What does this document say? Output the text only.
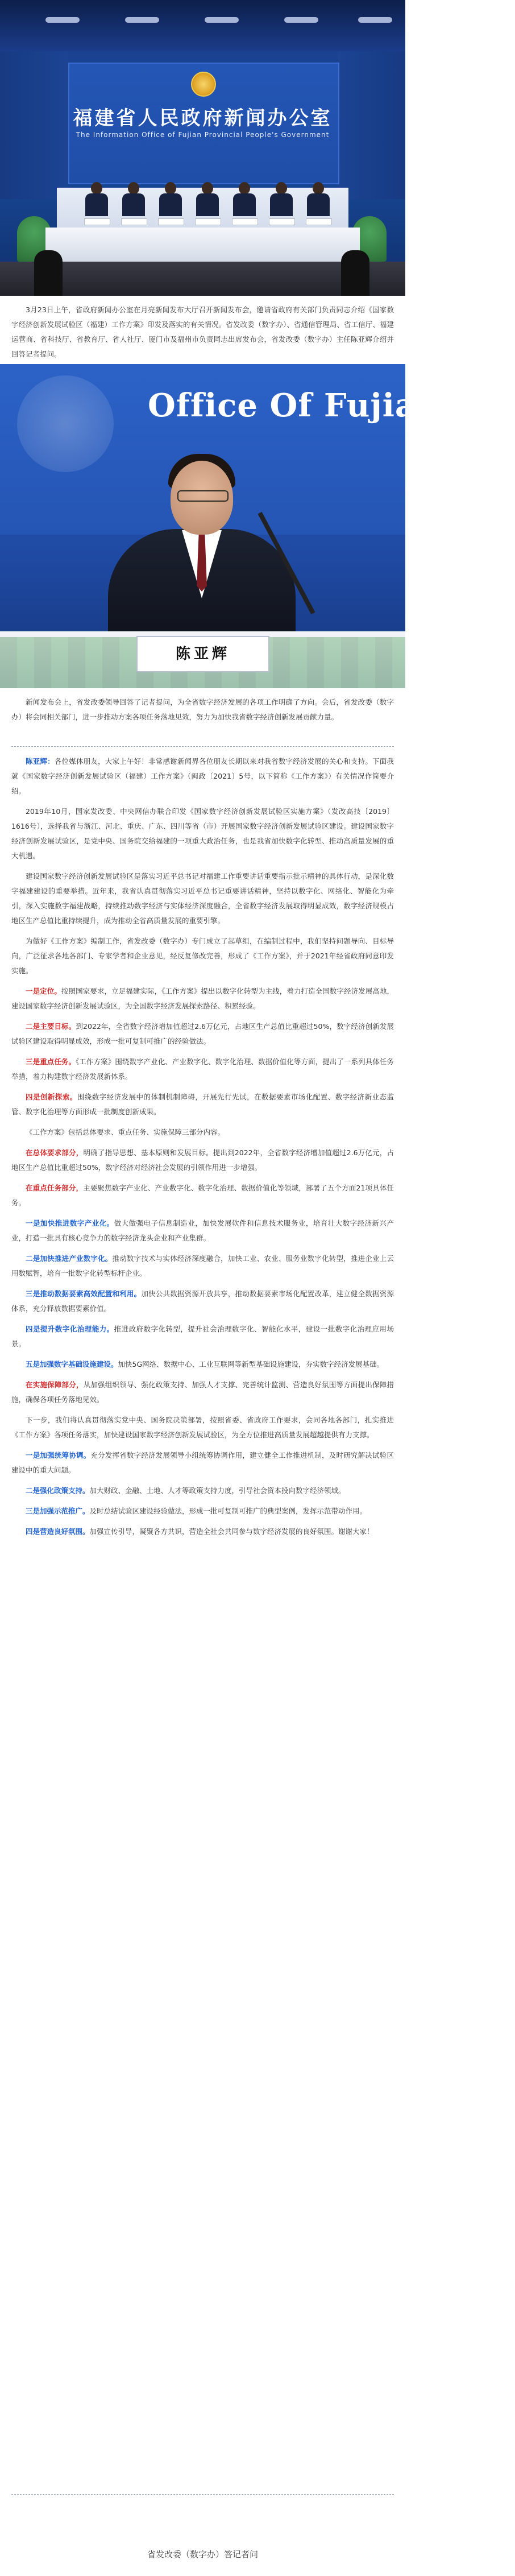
福建省人民政府新闻办公室
The Information Office of Fujian Provincial People's Government

3月23日上午，省政府新闻办公室在月亮新闻发布大厅召开新闻发布会，邀请省政府有关部门负责同志介绍《国家数字经济创新发展试验区（福建）工作方案》印发及落实的有关情况。省发改委（数字办）、省通信管理局、省工信厅、福建运营商、省科技厅、省教育厅、省人社厅、厦门市及福州市负责同志出席发布会，省发改委（数字办）主任陈亚辉介绍并回答记者提问。

Office Of Fujian Pro
陈亚辉

新闻发布会上，省发改委领导回答了记者提问，为全省数字经济发展的各项工作明确了方向。会后，省发改委（数字办）将会同相关部门，进一步推动方案各项任务落地见效，努力为加快我省数字经济创新发展贡献力量。

陈亚辉：各位媒体朋友，大家上午好！非常感谢新闻界各位朋友长期以来对我省数字经济发展的关心和支持。下面我就《国家数字经济创新发展试验区（福建）工作方案》（闽政〔2021〕5号，以下简称《工作方案》）有关情况作简要介绍。

2019年10月，国家发改委、中央网信办联合印发《国家数字经济创新发展试验区实施方案》（发改高技〔2019〕1616号），选择我省与浙江、河北、重庆、广东、四川等省（市）开展国家数字经济创新发展试验区建设。建设国家数字经济创新发展试验区，是党中央、国务院交给福建的一项重大政治任务，也是我省加快数字化转型、推动高质量发展的重大机遇。

建设国家数字经济创新发展试验区是落实习近平总书记对福建工作重要讲话重要指示批示精神的具体行动，是深化数字福建建设的重要举措。近年来，我省认真贯彻落实习近平总书记重要讲话精神，坚持以数字化、网络化、智能化为牵引，深入实施数字福建战略，持续推动数字经济与实体经济深度融合，全省数字经济发展取得明显成效，数字经济规模占地区生产总值比重持续提升，成为推动全省高质量发展的重要引擎。

为做好《工作方案》编制工作，省发改委（数字办）专门成立了起草组，在编制过程中，我们坚持问题导向、目标导向，广泛征求各地各部门、专家学者和企业意见，经反复修改完善，形成了《工作方案》，并于2021年经省政府同意印发实施。

一是定位。按照国家要求，立足福建实际，《工作方案》提出以数字化转型为主线，着力打造全国数字经济发展高地，建设国家数字经济创新发展试验区，为全国数字经济发展探索路径、积累经验。

二是主要目标。到2022年，全省数字经济增加值超过2.6万亿元，占地区生产总值比重超过50%，数字经济创新发展试验区建设取得明显成效，形成一批可复制可推广的经验做法。

三是重点任务。《工作方案》围绕数字产业化、产业数字化、数字化治理、数据价值化等方面，提出了一系列具体任务举措，着力构建数字经济发展新体系。

四是创新探索。围绕数字经济发展中的体制机制障碍，开展先行先试，在数据要素市场化配置、数字经济新业态监管、数字化治理等方面形成一批制度创新成果。

《工作方案》包括总体要求、重点任务、实施保障三部分内容。

在总体要求部分，明确了指导思想、基本原则和发展目标。提出到2022年，全省数字经济增加值超过2.6万亿元，占地区生产总值比重超过50%，数字经济对经济社会发展的引领作用进一步增强。

在重点任务部分，主要聚焦数字产业化、产业数字化、数字化治理、数据价值化等领域，部署了五个方面21项具体任务。

一是加快推进数字产业化。做大做强电子信息制造业，加快发展软件和信息技术服务业，培育壮大数字经济新兴产业，打造一批具有核心竞争力的数字经济龙头企业和产业集群。

二是加快推进产业数字化。推动数字技术与实体经济深度融合，加快工业、农业、服务业数字化转型，推进企业上云用数赋智，培育一批数字化转型标杆企业。

三是推动数据要素高效配置和利用。加快公共数据资源开放共享，推动数据要素市场化配置改革，建立健全数据资源体系，充分释放数据要素价值。

四是提升数字化治理能力。推进政府数字化转型，提升社会治理数字化、智能化水平，建设一批数字化治理应用场景。

五是加强数字基础设施建设。加快5G网络、数据中心、工业互联网等新型基础设施建设，夯实数字经济发展基础。

在实施保障部分，从加强组织领导、强化政策支持、加强人才支撑、完善统计监测、营造良好氛围等方面提出保障措施，确保各项任务落地见效。

下一步，我们将认真贯彻落实党中央、国务院决策部署，按照省委、省政府工作要求，会同各地各部门，扎实推进《工作方案》各项任务落实，加快建设国家数字经济创新发展试验区，为全方位推进高质量发展超越提供有力支撑。

一是加强统筹协调。充分发挥省数字经济发展领导小组统筹协调作用，建立健全工作推进机制，及时研究解决试验区建设中的重大问题。

二是强化政策支持。加大财政、金融、土地、人才等政策支持力度，引导社会资本投向数字经济领域。

三是加强示范推广。及时总结试验区建设经验做法，形成一批可复制可推广的典型案例，发挥示范带动作用。

四是营造良好氛围。加强宣传引导，凝聚各方共识，营造全社会共同参与数字经济发展的良好氛围。谢谢大家！

省发改委（数字办）答记者问
